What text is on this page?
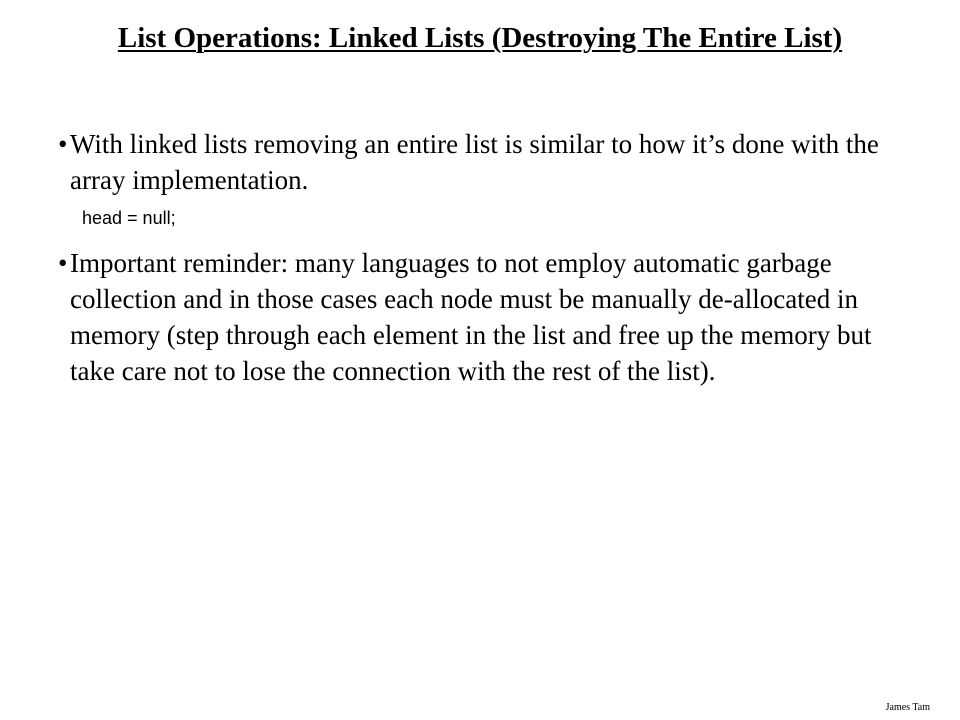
List Operations: Linked Lists (Destroying The Entire List)
• With linked lists removing an entire list is similar to how it’s done with the array implementation.
head = null;
• Important reminder: many languages to not employ automatic garbage collection and in those cases each node must be manually de-allocated in memory (step through each element in the list and free up the memory but take care not to lose the connection with the rest of the list).
James Tam
